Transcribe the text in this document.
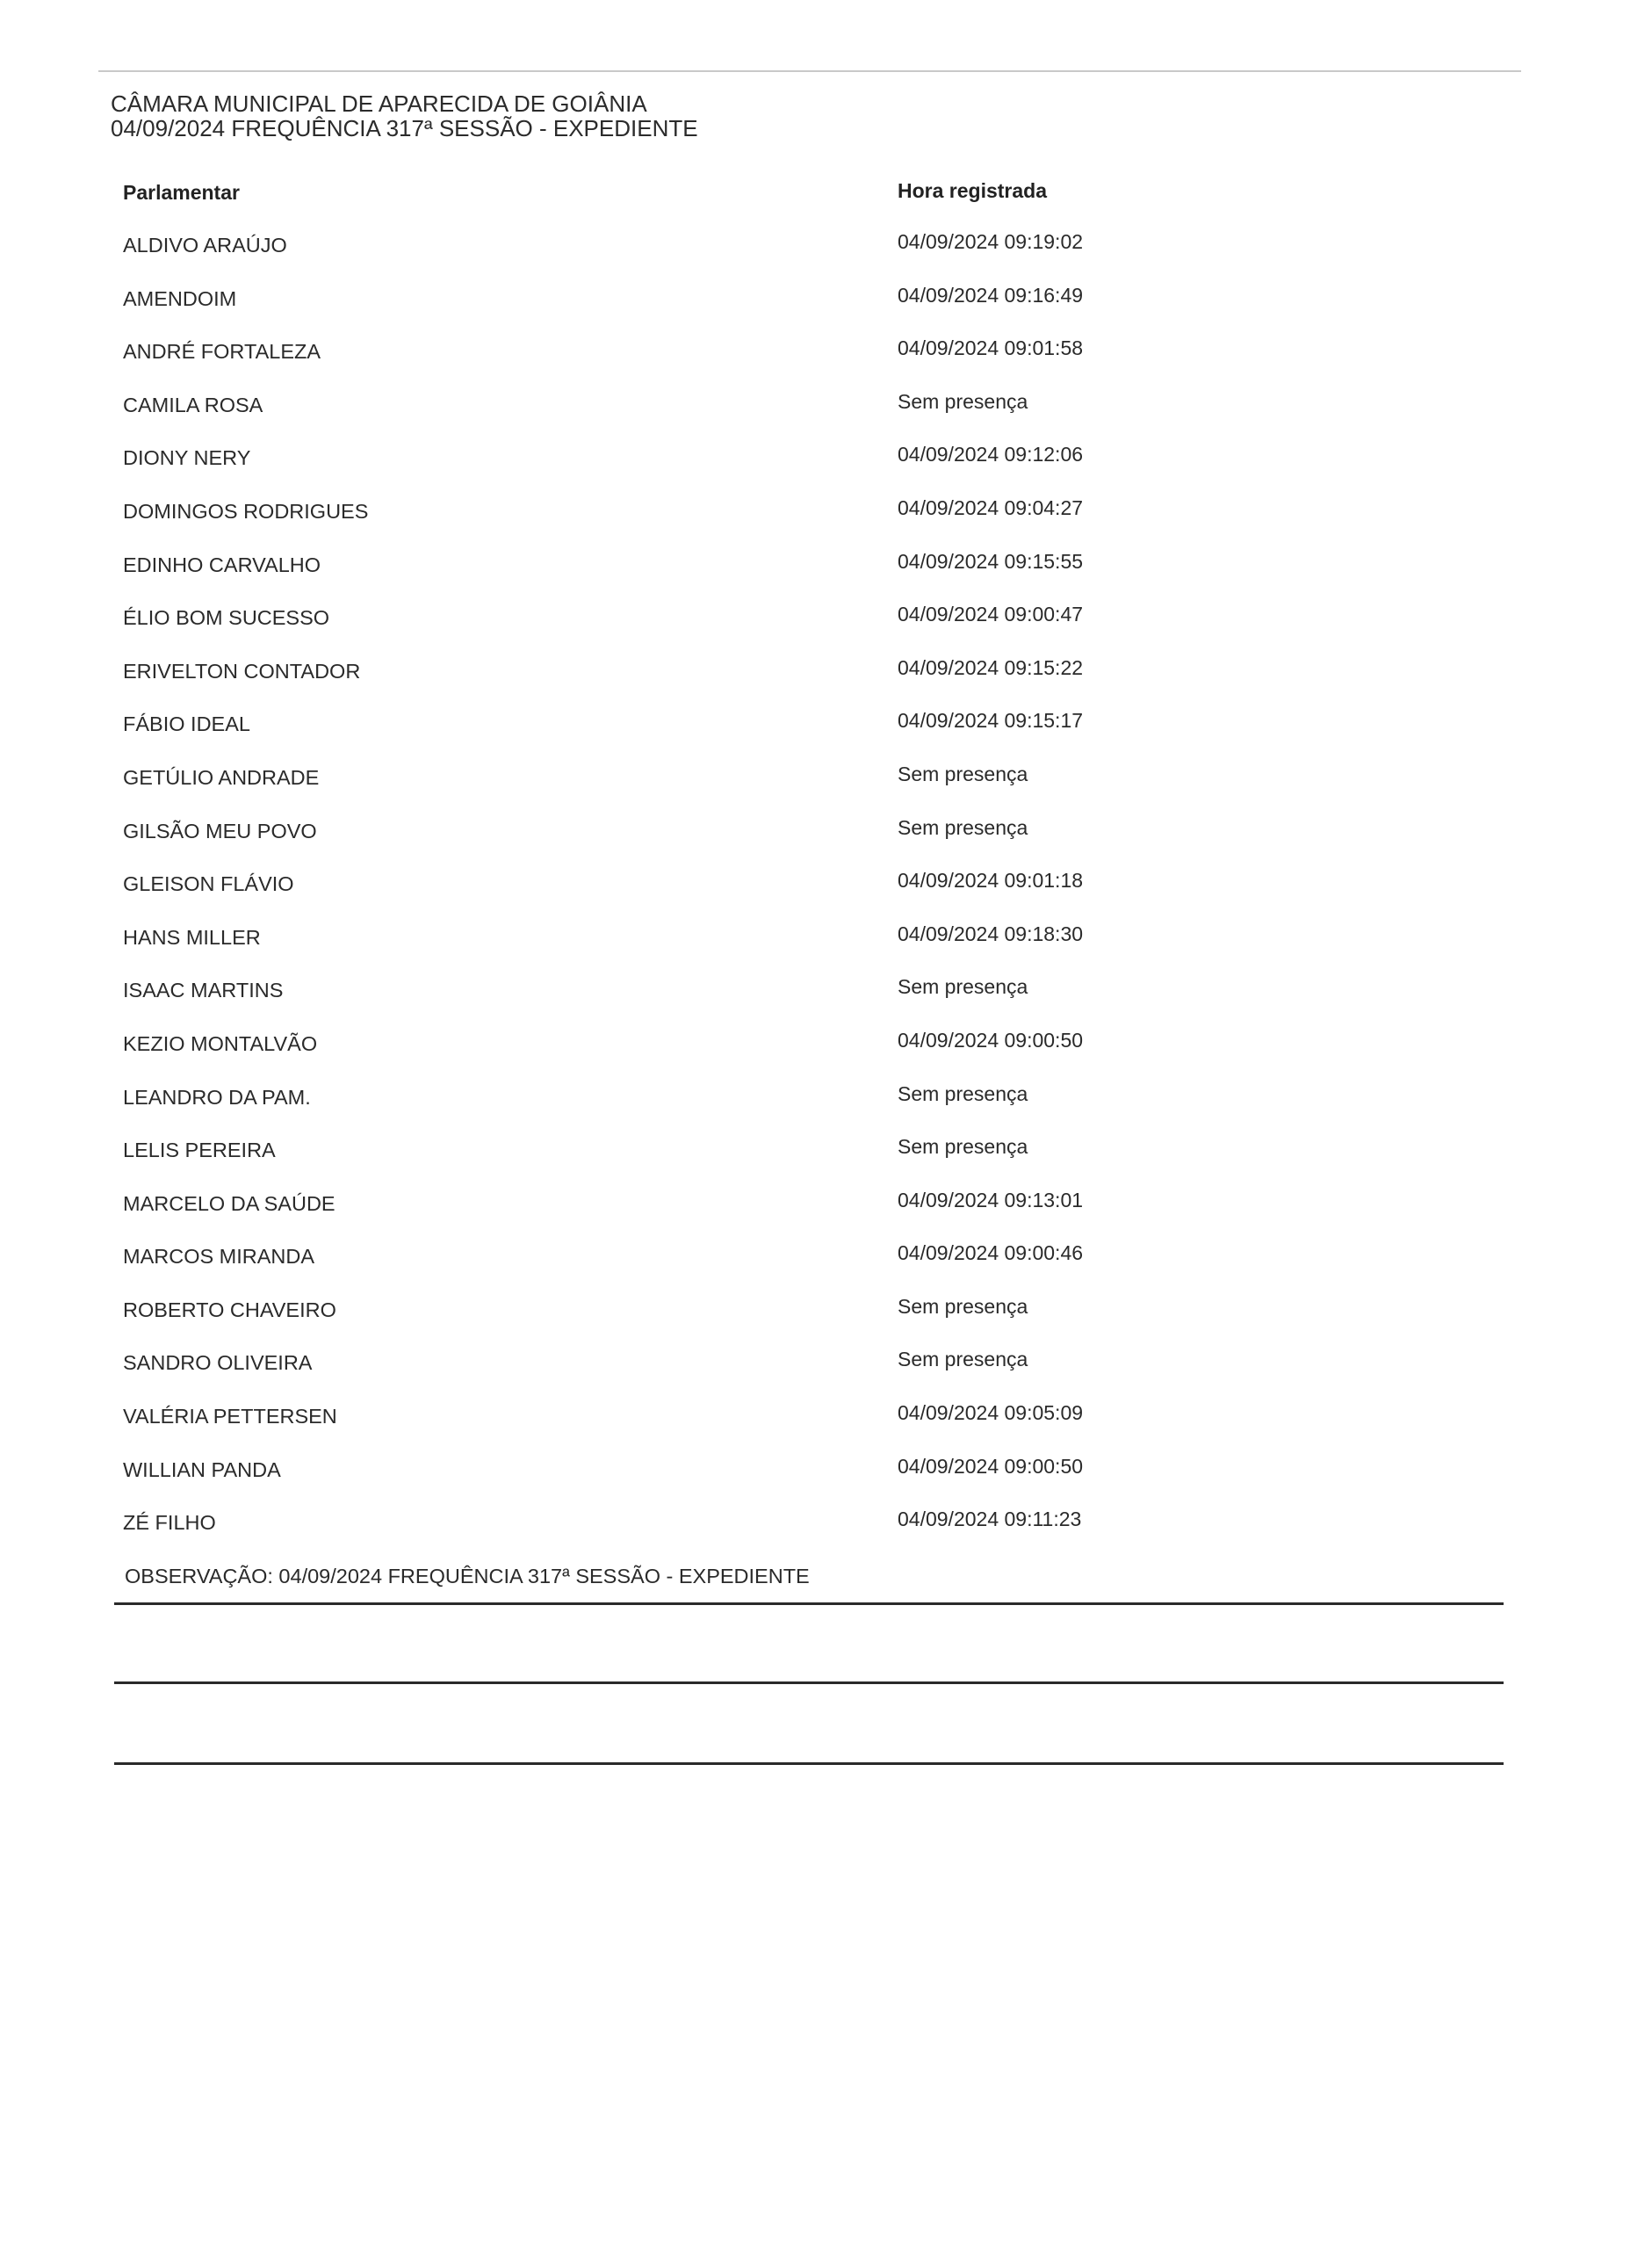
CÂMARA MUNICIPAL DE APARECIDA DE GOIÂNIA
04/09/2024 FREQUÊNCIA 317ª SESSÃO - EXPEDIENTE
Parlamentar	Hora registrada
ALDIVO ARAÚJO	04/09/2024 09:19:02
AMENDOIM	04/09/2024 09:16:49
ANDRÉ FORTALEZA	04/09/2024 09:01:58
CAMILA ROSA	Sem presença
DIONY NERY	04/09/2024 09:12:06
DOMINGOS RODRIGUES	04/09/2024 09:04:27
EDINHO CARVALHO	04/09/2024 09:15:55
ÉLIO BOM SUCESSO	04/09/2024 09:00:47
ERIVELTON CONTADOR	04/09/2024 09:15:22
FÁBIO IDEAL	04/09/2024 09:15:17
GETÚLIO ANDRADE	Sem presença
GILSÃO MEU POVO	Sem presença
GLEISON FLÁVIO	04/09/2024 09:01:18
HANS MILLER	04/09/2024 09:18:30
ISAAC MARTINS	Sem presença
KEZIO MONTALVÃO	04/09/2024 09:00:50
LEANDRO DA PAM.	Sem presença
LELIS PEREIRA	Sem presença
MARCELO DA SAÚDE	04/09/2024 09:13:01
MARCOS MIRANDA	04/09/2024 09:00:46
ROBERTO CHAVEIRO	Sem presença
SANDRO OLIVEIRA	Sem presença
VALÉRIA PETTERSEN	04/09/2024 09:05:09
WILLIAN PANDA	04/09/2024 09:00:50
ZÉ FILHO	04/09/2024 09:11:23
OBSERVAÇÃO: 04/09/2024 FREQUÊNCIA 317ª SESSÃO - EXPEDIENTE
